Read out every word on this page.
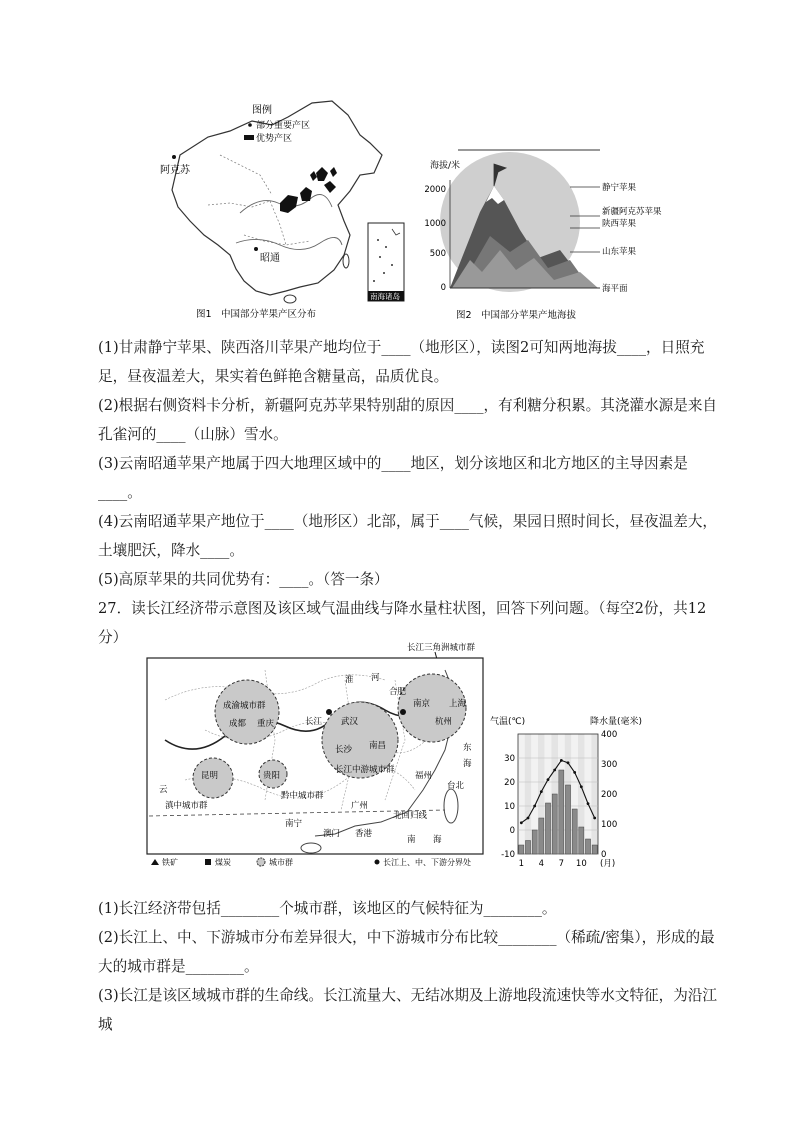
图例
部分重要产区
优势产区
阿克苏
昭通
南海诸岛
图1　中国部分苹果产区分布
海拔/米
2000
1000
500
0
静宁苹果
新疆阿克苏苹果
陕西苹果
山东苹果
海平面
图2　中国部分苹果产地海拔

(1)甘肃静宁苹果、陕西洛川苹果产地均位于____（地形区），读图2可知两地海拔____，日照充足，昼夜温差大，果实着色鲜艳含糖量高，品质优良。

(2)根据右侧资料卡分析，新疆阿克苏苹果特别甜的原因____，有利糖分积累。其浇灌水源是来自孔雀河的____（山脉）雪水。

(3)云南昭通苹果产地属于四大地理区域中的____地区，划分该地区和北方地区的主导因素是____。

(4)云南昭通苹果产地位于____（地形区）北部，属于____气候，果园日照时间长，昼夜温差大，土壤肥沃，降水____。

(5)高原苹果的共同优势有：____。（答一条）

27．读长江经济带示意图及该区域气温曲线与降水量柱状图，回答下列问题。（每空2份，共12分）

长江三角洲城市群
成渝城市群
成都 重庆	长江
淮 河
合肥
武汉
南京 上海
杭州
长沙 南昌
长江中游城市群
福州
贵阳
昆明
云
滇中城市群
黔中城市群
广州
南宁
澳门 香港
北回归线
东
海
台北
南 海
铁矿	煤炭	城市群	长江上、中、下游分界处
气温(℃)	降水量(毫米)
30
20
10
0
-10
400
300
200
100
0
1 4 7 10 (月)

(1)长江经济带包括________个城市群，该地区的气候特征为________。

(2)长江上、中、下游城市分布差异很大，中下游城市分布比较________（稀疏/密集），形成的最大的城市群是________。

(3)长江是该区域城市群的生命线。长江流量大、无结冰期及上游地段流速快等水文特征，为沿江城
